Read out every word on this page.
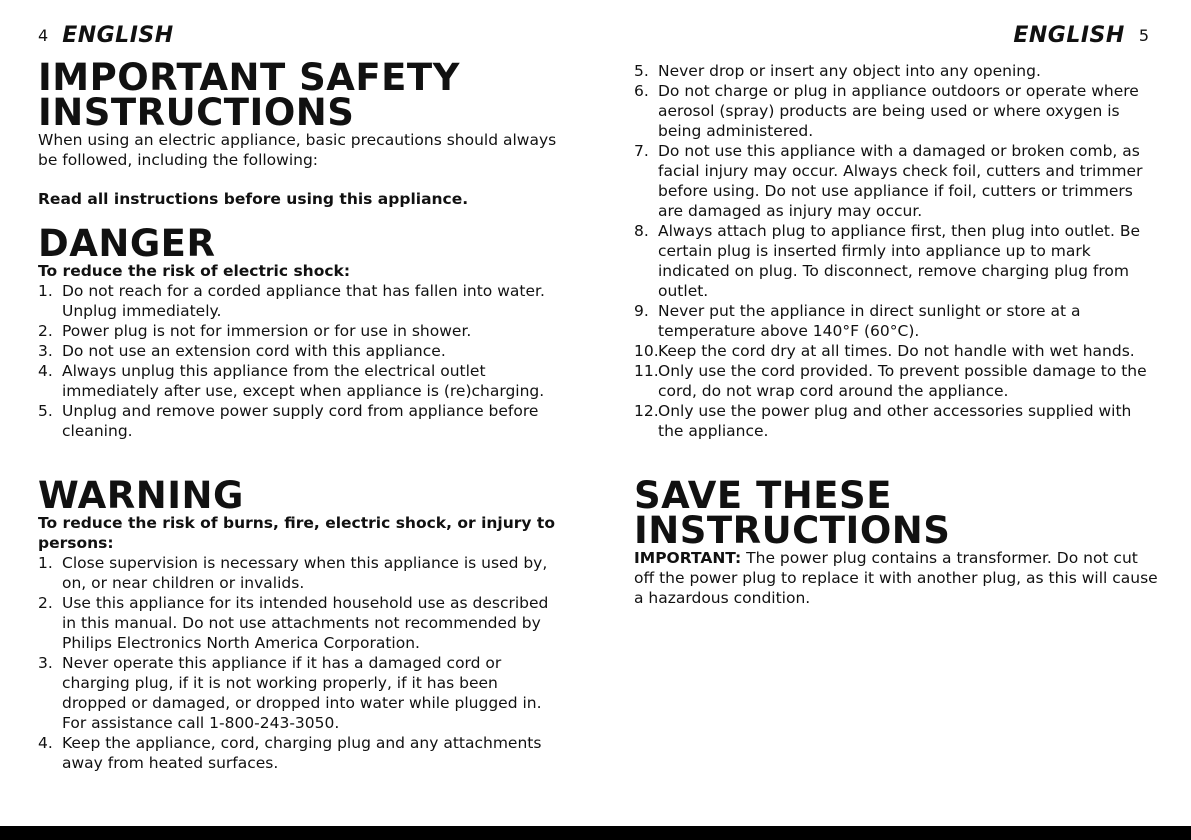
4 ENGLISH
IMPORTANT SAFETY
INSTRUCTIONS

When using an electric appliance, basic precautions should always be followed, including the following:

Read all instructions before using this appliance.
DANGER
To reduce the risk of electric shock:
1. Do not reach for a corded appliance that has fallen into water. Unplug immediately.
2. Power plug is not for immersion or for use in shower.
3. Do not use an extension cord with this appliance.
4. Always unplug this appliance from the electrical outlet immediately after use, except when appliance is (re)charging.
5. Unplug and remove power supply cord from appliance before cleaning.
WARNING
To reduce the risk of burns, fire, electric shock, or injury to persons:
1. Close supervision is necessary when this appliance is used by, on, or near children or invalids.
2. Use this appliance for its intended household use as described in this manual. Do not use attachments not recommended by Philips Electronics North America Corporation.
3. Never operate this appliance if it has a damaged cord or charging plug, if it is not working properly, if it has been dropped or damaged, or dropped into water while plugged in. For assistance call 1-800-243-3050.
4. Keep the appliance, cord, charging plug and any attachments away from heated surfaces.
ENGLISH 5
5. Never drop or insert any object into any opening.
6. Do not charge or plug in appliance outdoors or operate where aerosol (spray) products are being used or where oxygen is being administered.
7. Do not use this appliance with a damaged or broken comb, as facial injury may occur. Always check foil, cutters and trimmer before using. Do not use appliance if foil, cutters or trimmers are damaged as injury may occur.
8. Always attach plug to appliance first, then plug into outlet. Be certain plug is inserted firmly into appliance up to mark indicated on plug. To disconnect, remove charging plug from outlet.
9. Never put the appliance in direct sunlight or store at a temperature above 140°F (60°C).
10. Keep the cord dry at all times. Do not handle with wet hands.
11. Only use the cord provided. To prevent possible damage to the cord, do not wrap cord around the appliance.
12. Only use the power plug and other accessories supplied with the appliance.
SAVE THESE
INSTRUCTIONS

IMPORTANT: The power plug contains a transformer. Do not cut off the power plug to replace it with another plug, as this will cause a hazardous condition.
